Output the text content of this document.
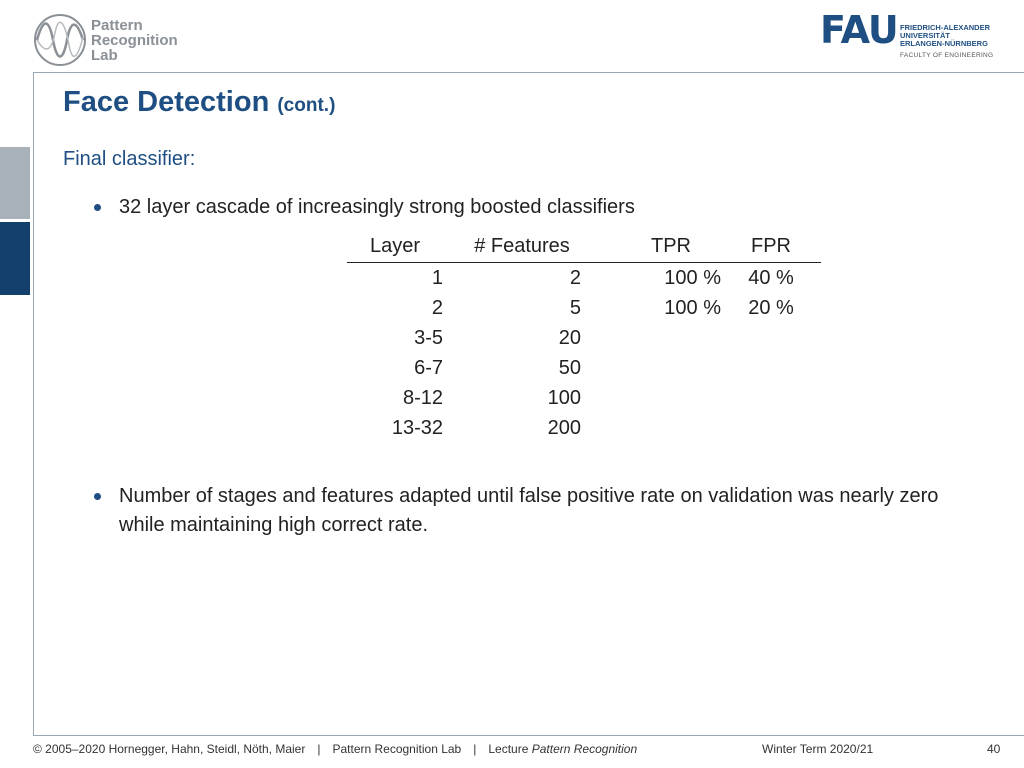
Pattern
Recognition
Lab
FAU FRIEDRICH-ALEXANDER
UNIVERSITÄT
ERLANGEN-NÜRNBERG
FACULTY OF ENGINEERING
Face Detection (cont.)
Final classifier:
32 layer cascade of increasingly strong boosted classifiers
Layer	# Features	TPR	FPR
1	2	100 %	40 %
2	5	100 %	20 %
3-5	20		
6-7	50		
8-12	100		
13-32	200		
Number of stages and features adapted until false positive rate on validation was nearly zero while maintaining high correct rate.
© 2005–2020 Hornegger, Hahn, Steidl, Nöth, Maier | Pattern Recognition Lab | Lecture Pattern Recognition	Winter Term 2020/21	40
